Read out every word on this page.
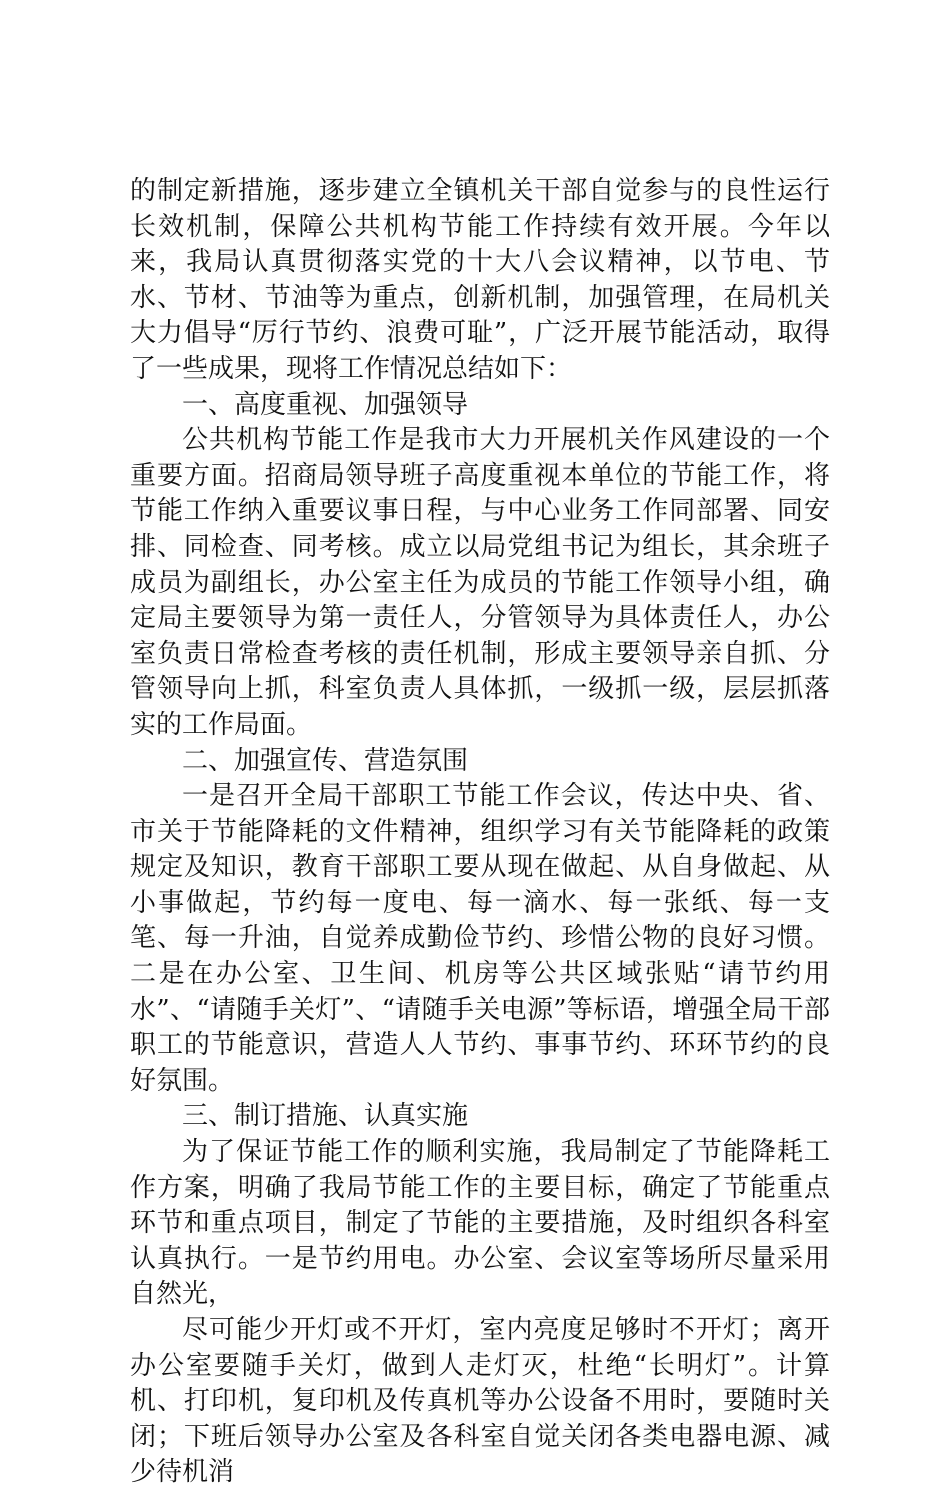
的制定新措施，逐步建立全镇机关干部自觉参与的良性运行长效机制，保障公共机构节能工作持续有效开展。今年以来，我局认真贯彻落实党的十大八会议精神，以节电、节水、节材、节油等为重点，创新机制，加强管理，在局机关大力倡导“厉行节约、浪费可耻”，广泛开展节能活动，取得了一些成果，现将工作情况总结如下：

一、高度重视、加强领导

公共机构节能工作是我市大力开展机关作风建设的一个重要方面。招商局领导班子高度重视本单位的节能工作，将节能工作纳入重要议事日程，与中心业务工作同部署、同安排、同检查、同考核。成立以局党组书记为组长，其余班子成员为副组长，办公室主任为成员的节能工作领导小组，确定局主要领导为第一责任人，分管领导为具体责任人，办公室负责日常检查考核的责任机制，形成主要领导亲自抓、分管领导向上抓，科室负责人具体抓，一级抓一级，层层抓落实的工作局面。

二、加强宣传、营造氛围

一是召开全局干部职工节能工作会议，传达中央、省、市关于节能降耗的文件精神，组织学习有关节能降耗的政策规定及知识，教育干部职工要从现在做起、从自身做起、从小事做起，节约每一度电、每一滴水、每一张纸、每一支笔、每一升油，自觉养成勤俭节约、珍惜公物的良好习惯。二是在办公室、卫生间、机房等公共区域张贴“请节约用水”、“请随手关灯”、“请随手关电源”等标语，增强全局干部职工的节能意识，营造人人节约、事事节约、环环节约的良好氛围。

三、制订措施、认真实施

为了保证节能工作的顺利实施，我局制定了节能降耗工作方案，明确了我局节能工作的主要目标，确定了节能重点环节和重点项目，制定了节能的主要措施，及时组织各科室认真执行。一是节约用电。办公室、会议室等场所尽量采用自然光，

尽可能少开灯或不开灯，室内亮度足够时不开灯；离开办公室要随手关灯，做到人走灯灭，杜绝“长明灯”。计算机、打印机，复印机及传真机等办公设备不用时，要随时关闭；下班后领导办公室及各科室自觉关闭各类电器电源、减少待机消
